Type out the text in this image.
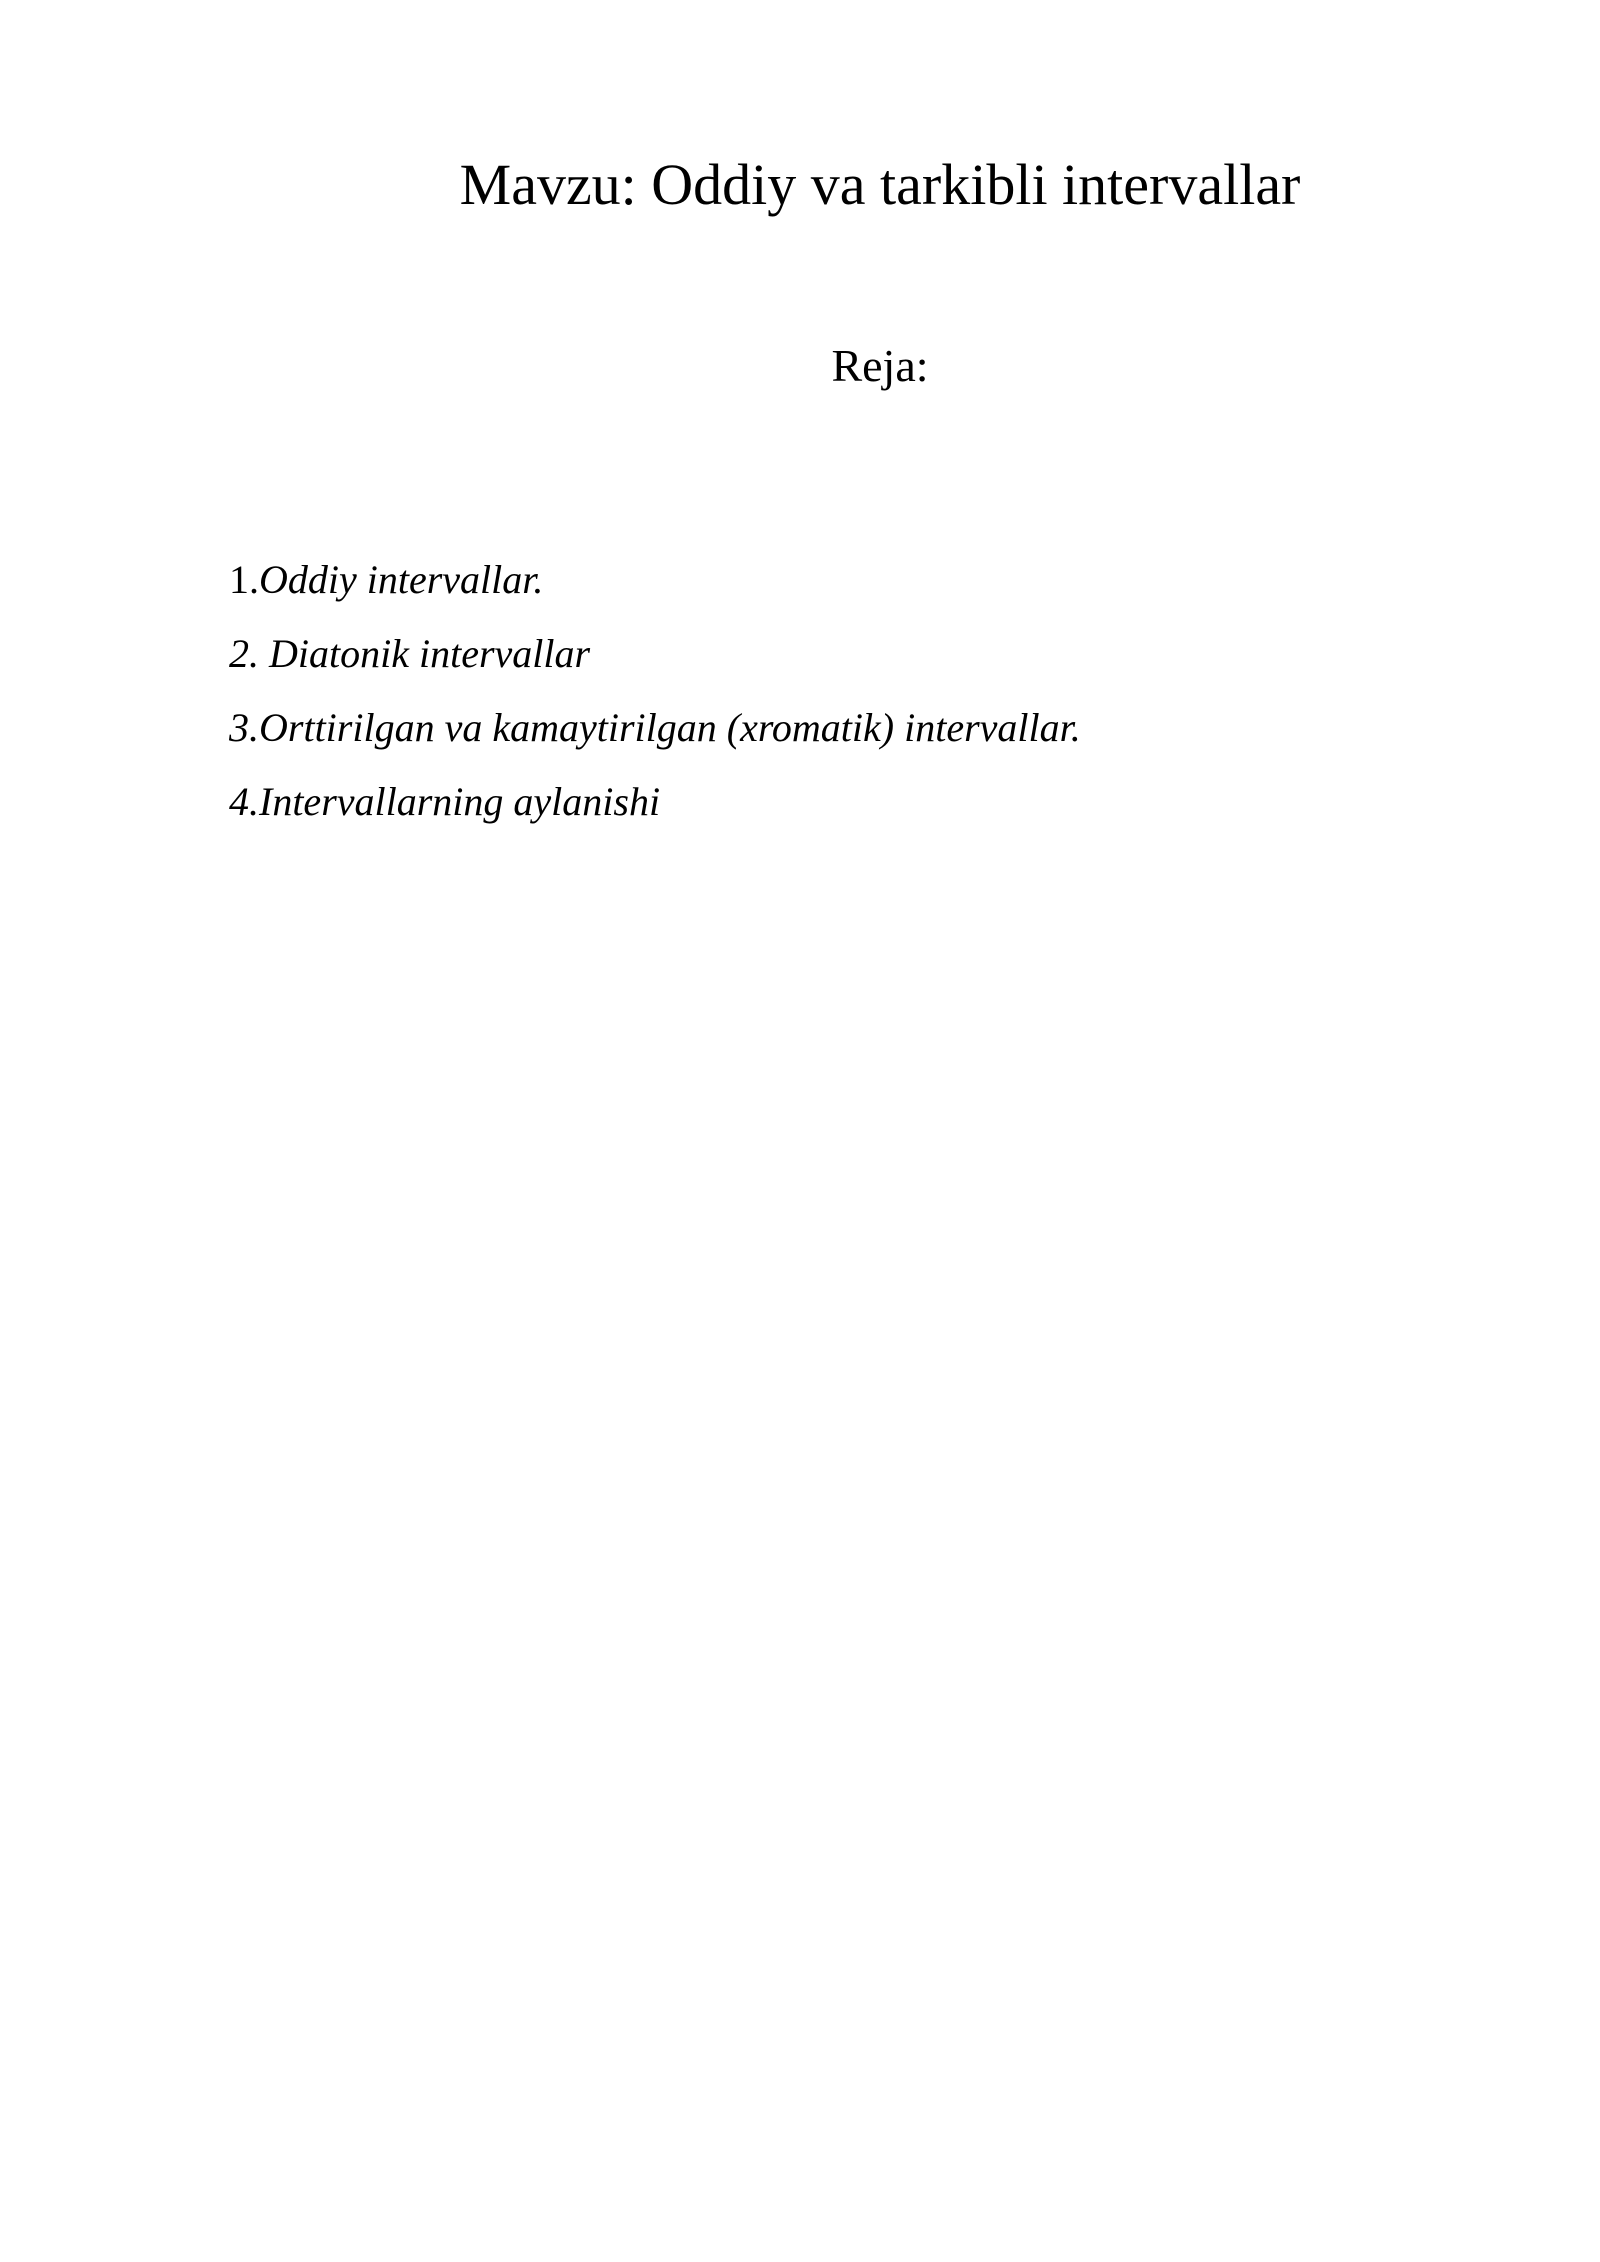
Mavzu: Oddiy va tarkibli intervallar
Reja:
1.Oddiy intervallar.
2. Diatonik intervallar
3.Orttirilgan va kamaytirilgan (xromatik) intervallar.
4.Intervallarning aylanishi
